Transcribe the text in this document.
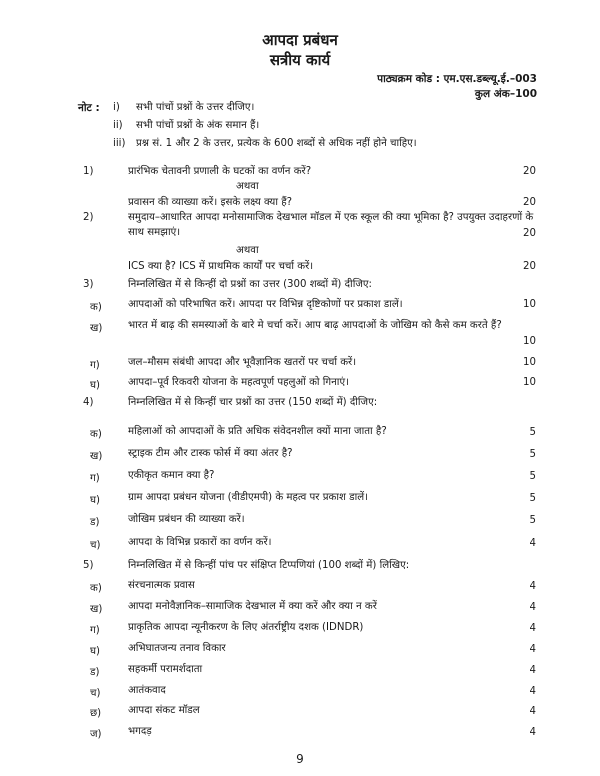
आपदा प्रबंधन
सत्रीय कार्य
पाठ्यक्रम कोड : एम.एस.डब्ल्यू.ई.–003
कुल अंक–100
नोट : i) सभी पांचों प्रश्नों के उत्तर दीजिए।
ii) सभी पांचों प्रश्नों के अंक समान हैं।
iii) प्रश्न सं. 1 और 2 के उत्तर, प्रत्येक के 600 शब्दों से अधिक नहीं होने चाहिए।
1)	प्रारंभिक चेतावनी प्रणाली के घटकों का वर्णन करें?	20
अथवा
प्रवासन की व्याख्या करें। इसके लक्ष्य क्या हैं?	20
2)	समुदाय–आधारित आपदा मनोसामाजिक देखभाल मॉडल में एक स्कूल की क्या भूमिका है? उपयुक्त उदाहरणों के
साथ समझाएं।	20
अथवा
ICS क्या है? ICS में प्राथमिक कार्यों पर चर्चा करें।	20
3)	निम्नलिखित में से किन्हीं दो प्रश्नों का उत्तर (300 शब्दों में) दीजिए:
क)	आपदाओं को परिभाषित करें। आपदा पर विभिन्न दृष्टिकोणों पर प्रकाश डालें।	10
ख)	भारत में बाढ़ की समस्याओं के बारे मे चर्चा करें। आप बाढ़ आपदाओं के जोखिम को कैसे कम करते हैं?
10
ग)	जल–मौसम संबंधी आपदा और भूवैज्ञानिक खतरों पर चर्चा करें।	10
घ)	आपदा–पूर्व रिकवरी योजना के महत्वपूर्ण पहलुओं को गिनाएं।	10
4)	निम्नलिखित में से किन्हीं चार प्रश्नों का उत्तर (150 शब्दों में) दीजिए:
क)	महिलाओं को आपदाओं के प्रति अधिक संवेदनशील क्यों माना जाता है?	5
ख)	स्ट्राइक टीम और टास्क फोर्स में क्या अंतर है?	5
ग)	एकीकृत कमान क्या है?	5
घ)	ग्राम आपदा प्रबंधन योजना (वीडीएमपी) के महत्व पर प्रकाश डालें।	5
ड)	जोखिम प्रबंधन की व्याख्या करें।	5
च)	आपदा के विभिन्न प्रकारों का वर्णन करें।	4
5)	निम्नलिखित में से किन्हीं पांच पर संक्षिप्त टिप्पणियां (100 शब्दों में) लिखिए:
क)	संरचनात्मक प्रवास	4
ख)	आपदा मनोवैज्ञानिक–सामाजिक देखभाल में क्या करें और क्या न करें	4
ग)	प्राकृतिक आपदा न्यूनीकरण के लिए अंतर्राष्ट्रीय दशक (IDNDR)	4
घ)	अभिघातजन्य तनाव विकार	4
ड)	सहकर्मी परामर्शदाता	4
च)	आतंकवाद	4
छ)	आपदा संकट मॉडल	4
ज)	भगदड़	4
9
